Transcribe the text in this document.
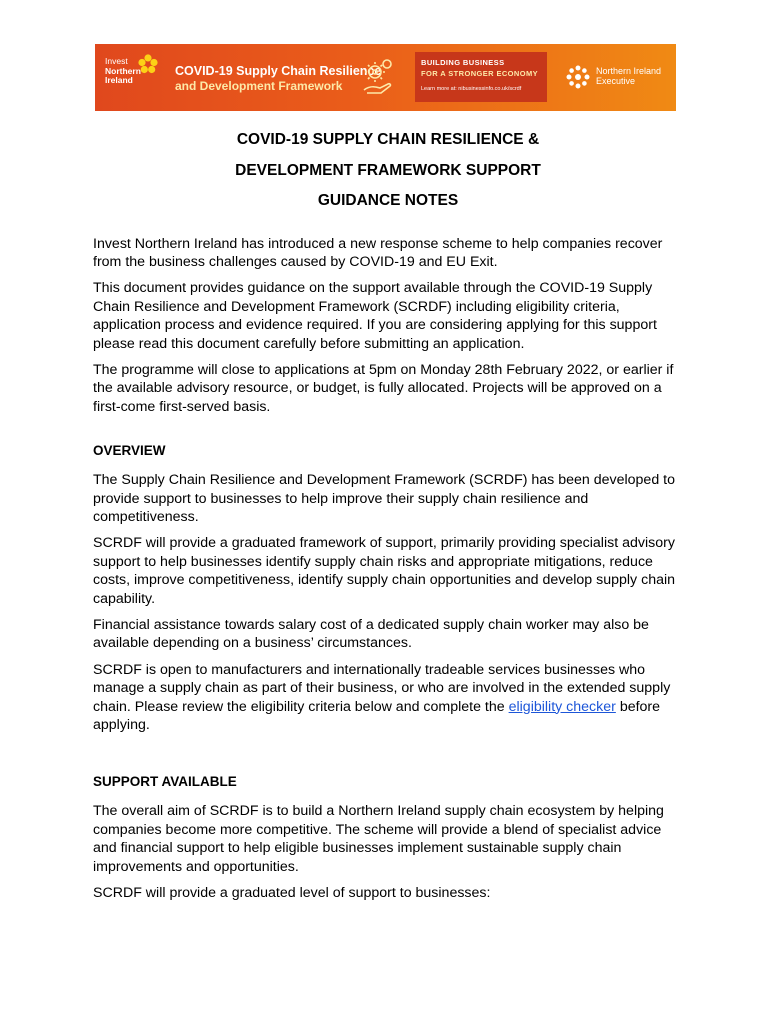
Invest
Northern
Ireland
COVID-19 Supply Chain Resilience
and Development Framework
BUILDING BUSINESS
FOR A STRONGER ECONOMY
Learn more at: nibusinessinfo.co.uk/scrdf
Northern Ireland
Executive
COVID-19 SUPPLY CHAIN RESILIENCE &
DEVELOPMENT FRAMEWORK SUPPORT
GUIDANCE NOTES

Invest Northern Ireland has introduced a new response scheme to help companies recover from the business challenges caused by COVID-19 and EU Exit.

This document provides guidance on the support available through the COVID-19 Supply Chain Resilience and Development Framework (SCRDF) including eligibility criteria, application process and evidence required. If you are considering applying for this support please read this document carefully before submitting an application.

The programme will close to applications at 5pm on Monday 28th February 2022, or earlier if the available advisory resource, or budget, is fully allocated. Projects will be approved on a first-come first-served basis.

OVERVIEW

The Supply Chain Resilience and Development Framework (SCRDF) has been developed to provide support to businesses to help improve their supply chain resilience and competitiveness.

SCRDF will provide a graduated framework of support, primarily providing specialist advisory support to help businesses identify supply chain risks and appropriate mitigations, reduce costs, improve competitiveness, identify supply chain opportunities and develop supply chain capability.

Financial assistance towards salary cost of a dedicated supply chain worker may also be available depending on a business’ circumstances.

SCRDF is open to manufacturers and internationally tradeable services businesses who manage a supply chain as part of their business, or who are involved in the extended supply chain. Please review the eligibility criteria below and complete the eligibility checker before applying.

SUPPORT AVAILABLE

The overall aim of SCRDF is to build a Northern Ireland supply chain ecosystem by helping companies become more competitive. The scheme will provide a blend of specialist advice and financial support to help eligible businesses implement sustainable supply chain improvements and opportunities.

SCRDF will provide a graduated level of support to businesses:
